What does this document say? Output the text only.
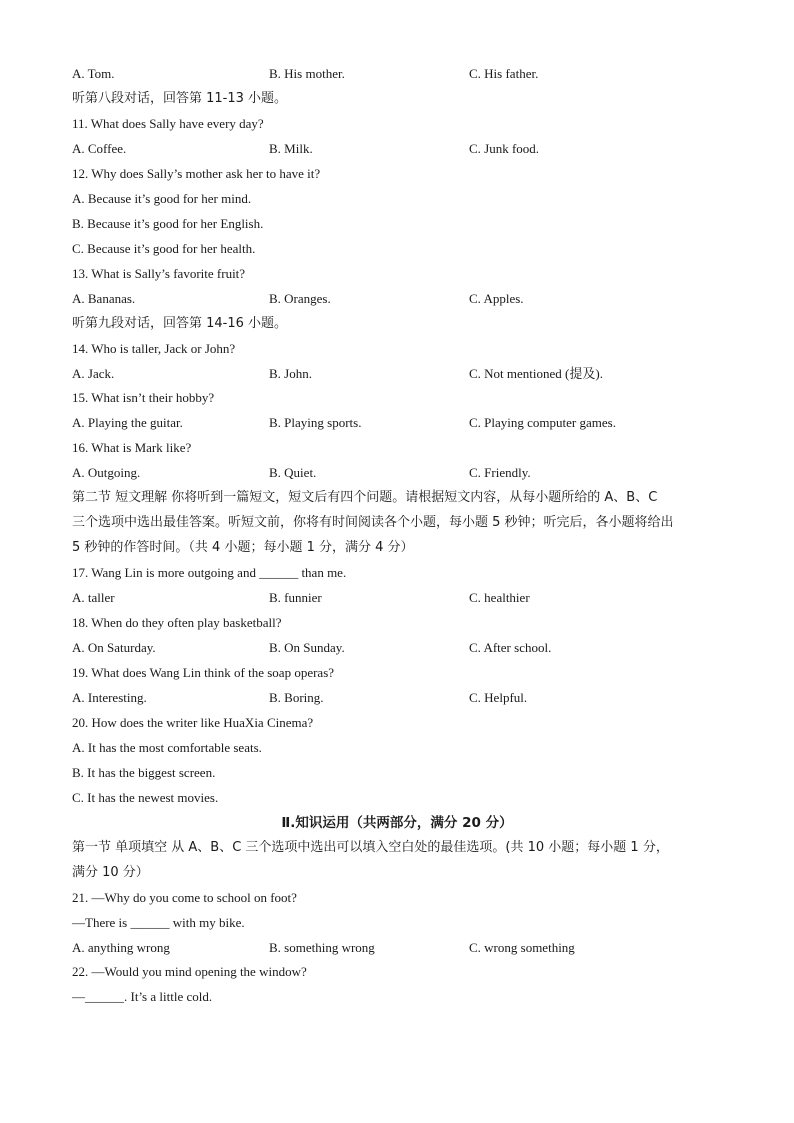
A. Tom.	B. His mother.	C. His father.
听第八段对话，回答第 11-13 小题。
11. What does Sally have every day?
A. Coffee.	B. Milk.	C. Junk food.
12. Why does Sally’s mother ask her to have it?
A. Because it’s good for her mind.
B. Because it’s good for her English.
C. Because it’s good for her health.
13. What is Sally’s favorite fruit?
A. Bananas.	B. Oranges.	C. Apples.
听第九段对话，回答第 14-16 小题。
14. Who is taller, Jack or John?
A. Jack.	B. John.	C. Not mentioned (提及).
15. What isn’t their hobby?
A. Playing the guitar.	B. Playing sports.	C. Playing computer games.
16. What is Mark like?
A. Outgoing.	B. Quiet.	C. Friendly.
第二节 短文理解 你将听到一篇短文，短文后有四个问题。请根据短文内容，从每小题所给的 A、B、C
三个选项中选出最佳答案。听短文前，你将有时间阅读各个小题，每小题 5 秒钟；听完后，各小题将给出
5 秒钟的作答时间。（共 4 小题；每小题 1 分，满分 4 分）
17. Wang Lin is more outgoing and ______ than me.
A. taller	B. funnier	C. healthier
18. When do they often play basketball?
A. On Saturday.	B. On Sunday.	C. After school.
19. What does Wang Lin think of the soap operas?
A. Interesting.	B. Boring.	C. Helpful.
20. How does the writer like HuaXia Cinema?
A. It has the most comfortable seats.
B. It has the biggest screen.
C. It has the newest movies.
Ⅱ.知识运用（共两部分，满分 20 分）
第一节 单项填空 从 A、B、C 三个选项中选出可以填入空白处的最佳选项。(共 10 小题；每小题 1 分，
满分 10 分）
21. —Why do you come to school on foot?
—There is ______ with my bike.
A. anything wrong	B. something wrong	C. wrong something
22. —Would you mind opening the window?
—______. It’s a little cold.
